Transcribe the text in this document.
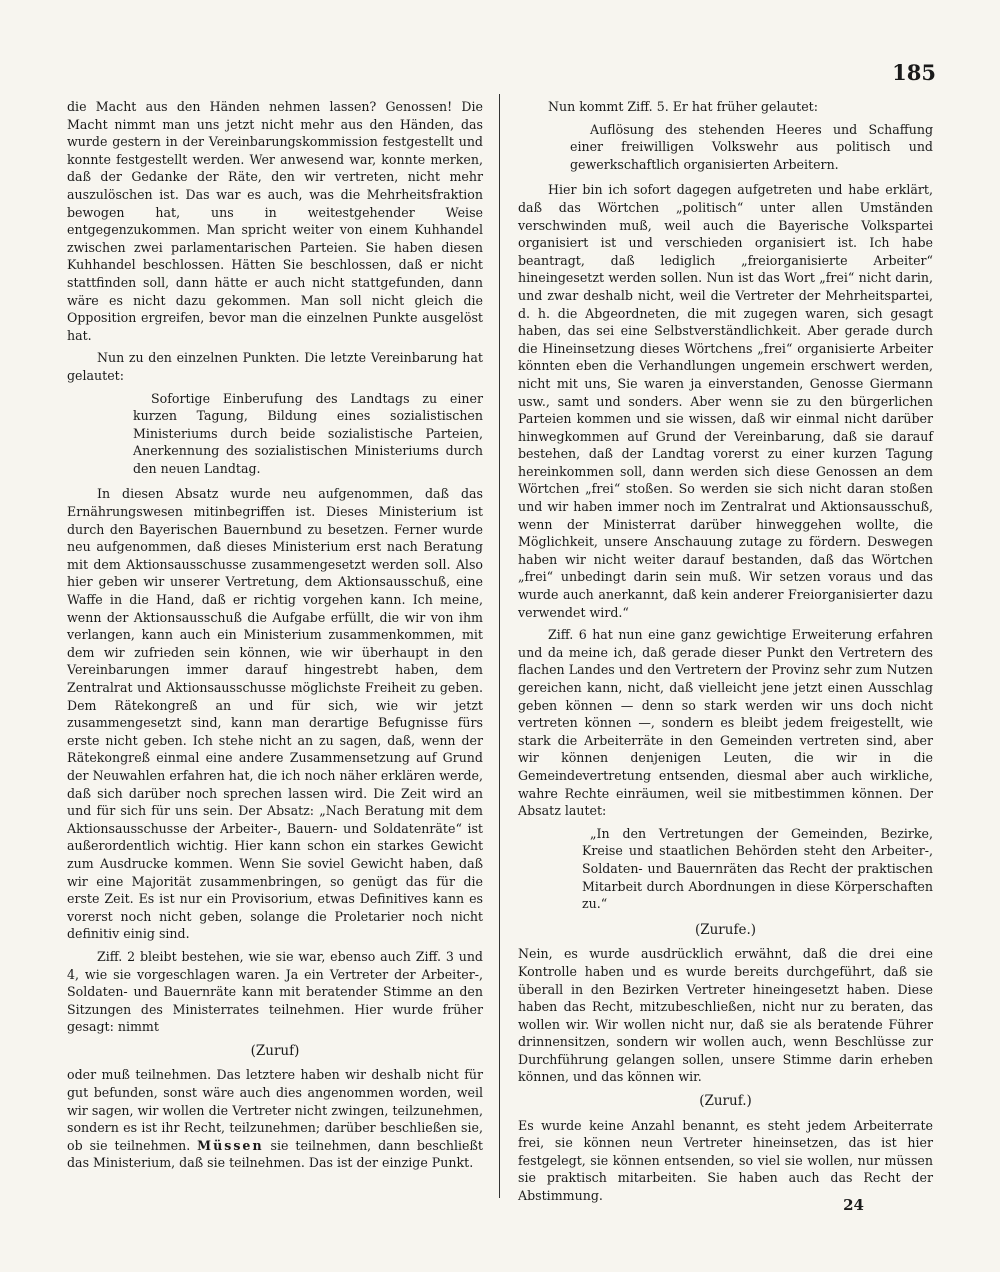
185

die Macht aus den Händen nehmen lassen? Genossen! Die Macht nimmt man uns jetzt nicht mehr aus den Händen, das wurde gestern in der Vereinbarungskommission festgestellt und konnte festgestellt werden. Wer anwesend war, konnte merken, daß der Gedanke der Räte, den wir vertreten, nicht mehr auszulöschen ist. Das war es auch, was die Mehrheitsfraktion bewogen hat, uns in weitestgehender Weise entgegenzukommen. Man spricht weiter von einem Kuhhandel zwischen zwei parlamentarischen Parteien. Sie haben diesen Kuhhandel beschlossen. Hätten Sie beschlossen, daß er nicht stattfinden soll, dann hätte er auch nicht stattgefunden, dann wäre es nicht dazu gekommen. Man soll nicht gleich die Opposition ergreifen, bevor man die einzelnen Punkte ausgelöst hat.

Nun zu den einzelnen Punkten. Die letzte Vereinbarung hat gelautet:

Sofortige Einberufung des Landtags zu einer kurzen Tagung, Bildung eines sozialistischen Ministeriums durch beide sozialistische Parteien, Anerkennung des sozialistischen Ministeriums durch den neuen Landtag.

In diesen Absatz wurde neu aufgenommen, daß das Ernährungswesen mitinbegriffen ist. Dieses Ministerium ist durch den Bayerischen Bauernbund zu besetzen. Ferner wurde neu aufgenommen, daß dieses Ministerium erst nach Beratung mit dem Aktionsausschusse zusammengesetzt werden soll. Also hier geben wir unserer Vertretung, dem Aktionsausschuß, eine Waffe in die Hand, daß er richtig vorgehen kann. Ich meine, wenn der Aktionsausschuß die Aufgabe erfüllt, die wir von ihm verlangen, kann auch ein Ministerium zusammenkommen, mit dem wir zufrieden sein können, wie wir überhaupt in den Vereinbarungen immer darauf hingestrebt haben, dem Zentralrat und Aktionsausschusse möglichste Freiheit zu geben. Dem Rätekongreß an und für sich, wie wir jetzt zusammengesetzt sind, kann man derartige Befugnisse fürs erste nicht geben. Ich stehe nicht an zu sagen, daß, wenn der Rätekongreß einmal eine andere Zusammensetzung auf Grund der Neuwahlen erfahren hat, die ich noch näher erklären werde, daß sich darüber noch sprechen lassen wird. Die Zeit wird an und für sich für uns sein. Der Absatz: „Nach Beratung mit dem Aktionsausschusse der Arbeiter-, Bauern- und Soldatenräte“ ist außerordentlich wichtig. Hier kann schon ein starkes Gewicht zum Ausdrucke kommen. Wenn Sie soviel Gewicht haben, daß wir eine Majorität zusammenbringen, so genügt das für die erste Zeit. Es ist nur ein Provisorium, etwas Definitives kann es vorerst noch nicht geben, solange die Proletarier noch nicht definitiv einig sind.

Ziff. 2 bleibt bestehen, wie sie war, ebenso auch Ziff. 3 und 4, wie sie vorgeschlagen waren. Ja ein Vertreter der Arbeiter-, Soldaten- und Bauernräte kann mit beratender Stimme an den Sitzungen des Ministerrates teilnehmen. Hier wurde früher gesagt: nimmt

(Zuruf)

oder muß teilnehmen. Das letztere haben wir deshalb nicht für gut befunden, sonst wäre auch dies angenommen worden, weil wir sagen, wir wollen die Vertreter nicht zwingen, teilzunehmen, sondern es ist ihr Recht, teilzunehmen; darüber beschließen sie, ob sie teilnehmen. Müssen sie teilnehmen, dann beschließt das Ministerium, daß sie teilnehmen. Das ist der einzige Punkt.

Nun kommt Ziff. 5. Er hat früher gelautet:

Auflösung des stehenden Heeres und Schaffung einer freiwilligen Volkswehr aus politisch und gewerkschaftlich organisierten Arbeitern.

Hier bin ich sofort dagegen aufgetreten und habe erklärt, daß das Wörtchen „politisch“ unter allen Umständen verschwinden muß, weil auch die Bayerische Volkspartei organisiert ist und verschieden organisiert ist. Ich habe beantragt, daß lediglich „freiorganisierte Arbeiter“ hineingesetzt werden sollen. Nun ist das Wort „frei“ nicht darin, und zwar deshalb nicht, weil die Vertreter der Mehrheitspartei, d. h. die Abgeordneten, die mit zugegen waren, sich gesagt haben, das sei eine Selbstverständlichkeit. Aber gerade durch die Hineinsetzung dieses Wörtchens „frei“ organisierte Arbeiter könnten eben die Verhandlungen ungemein erschwert werden, nicht mit uns, Sie waren ja einverstanden, Genosse Giermann usw., samt und sonders. Aber wenn sie zu den bürgerlichen Parteien kommen und sie wissen, daß wir einmal nicht darüber hinwegkommen auf Grund der Vereinbarung, daß sie darauf bestehen, daß der Landtag vorerst zu einer kurzen Tagung hereinkommen soll, dann werden sich diese Genossen an dem Wörtchen „frei“ stoßen. So werden sie sich nicht daran stoßen und wir haben immer noch im Zentralrat und Aktionsausschuß, wenn der Ministerrat darüber hinweggehen wollte, die Möglichkeit, unsere Anschauung zutage zu fördern. Deswegen haben wir nicht weiter darauf bestanden, daß das Wörtchen „frei“ unbedingt darin sein muß. Wir setzen voraus und das wurde auch anerkannt, daß kein anderer Freiorganisierter dazu verwendet wird.“

Ziff. 6 hat nun eine ganz gewichtige Erweiterung erfahren und da meine ich, daß gerade dieser Punkt den Vertretern des flachen Landes und den Vertretern der Provinz sehr zum Nutzen gereichen kann, nicht, daß vielleicht jene jetzt einen Ausschlag geben können — denn so stark werden wir uns doch nicht vertreten können —, sondern es bleibt jedem freigestellt, wie stark die Arbeiterräte in den Gemeinden vertreten sind, aber wir können denjenigen Leuten, die wir in die Gemeindevertretung entsenden, diesmal aber auch wirkliche, wahre Rechte einräumen, weil sie mitbestimmen können. Der Absatz lautet:

„In den Vertretungen der Gemeinden, Bezirke, Kreise und staatlichen Behörden steht den Arbeiter-, Soldaten- und Bauernräten das Recht der praktischen Mitarbeit durch Abordnungen in diese Körperschaften zu.“

(Zurufe.)

Nein, es wurde ausdrücklich erwähnt, daß die drei eine Kontrolle haben und es wurde bereits durchgeführt, daß sie überall in den Bezirken Vertreter hineingesetzt haben. Diese haben das Recht, mitzubeschließen, nicht nur zu beraten, das wollen wir. Wir wollen nicht nur, daß sie als beratende Führer drinnensitzen, sondern wir wollen auch, wenn Beschlüsse zur Durchführung gelangen sollen, unsere Stimme darin erheben können, und das können wir.

(Zuruf.)

Es wurde keine Anzahl benannt, es steht jedem Arbeiterrate frei, sie können neun Vertreter hineinsetzen, das ist hier festgelegt, sie können entsenden, so viel sie wollen, nur müssen sie praktisch mitarbeiten. Sie haben auch das Recht der Abstimmung.

24
